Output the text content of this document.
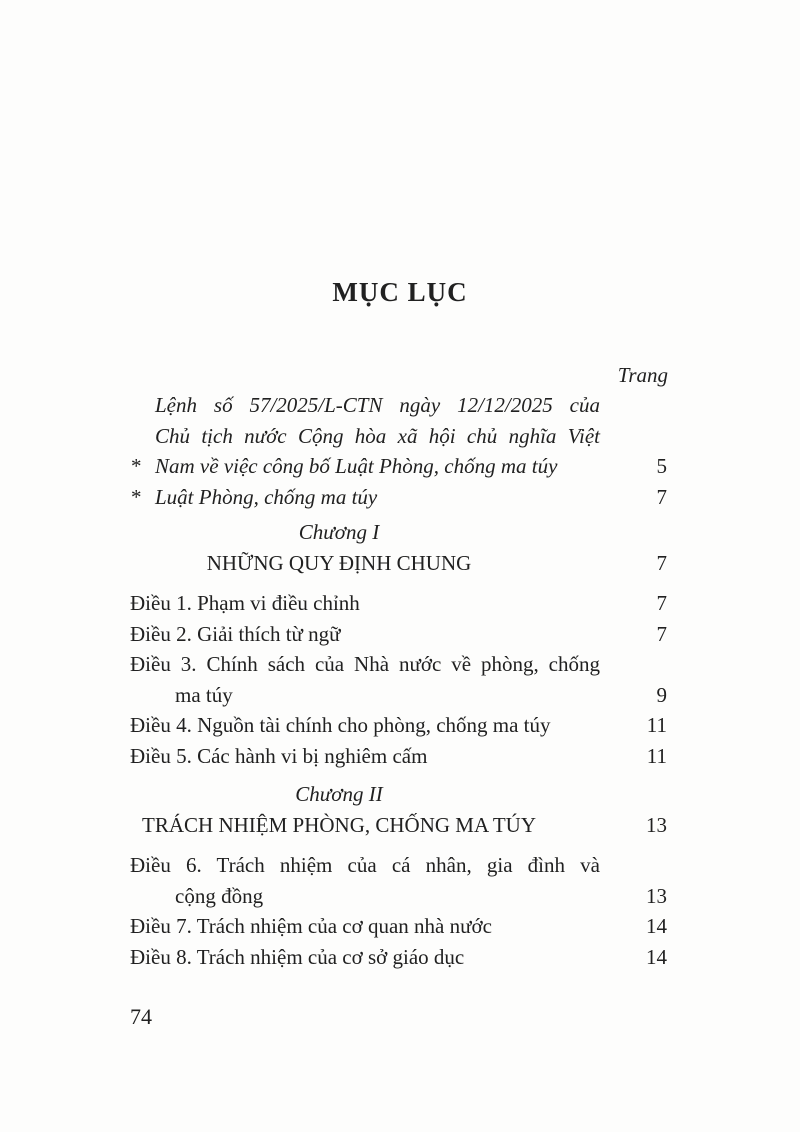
MỤC LỤC
Trang
*
Lệnh số 57/2025/L-CTN ngày 12/12/2025 của
Chủ tịch nước Cộng hòa xã hội chủ nghĩa Việt
Nam về việc công bố Luật Phòng, chống ma túy	5
* Luật Phòng, chống ma túy	7
Chương I
NHỮNG QUY ĐỊNH CHUNG	7
Điều 1. Phạm vi điều chỉnh	7
Điều 2. Giải thích từ ngữ	7
Điều 3. Chính sách của Nhà nước về phòng, chống
ma túy	9
Điều 4. Nguồn tài chính cho phòng, chống ma túy	11
Điều 5. Các hành vi bị nghiêm cấm	11
Chương II
TRÁCH NHIỆM PHÒNG, CHỐNG MA TÚY	13
Điều 6. Trách nhiệm của cá nhân, gia đình và
cộng đồng	13
Điều 7. Trách nhiệm của cơ quan nhà nước	14
Điều 8. Trách nhiệm của cơ sở giáo dục	14
74
